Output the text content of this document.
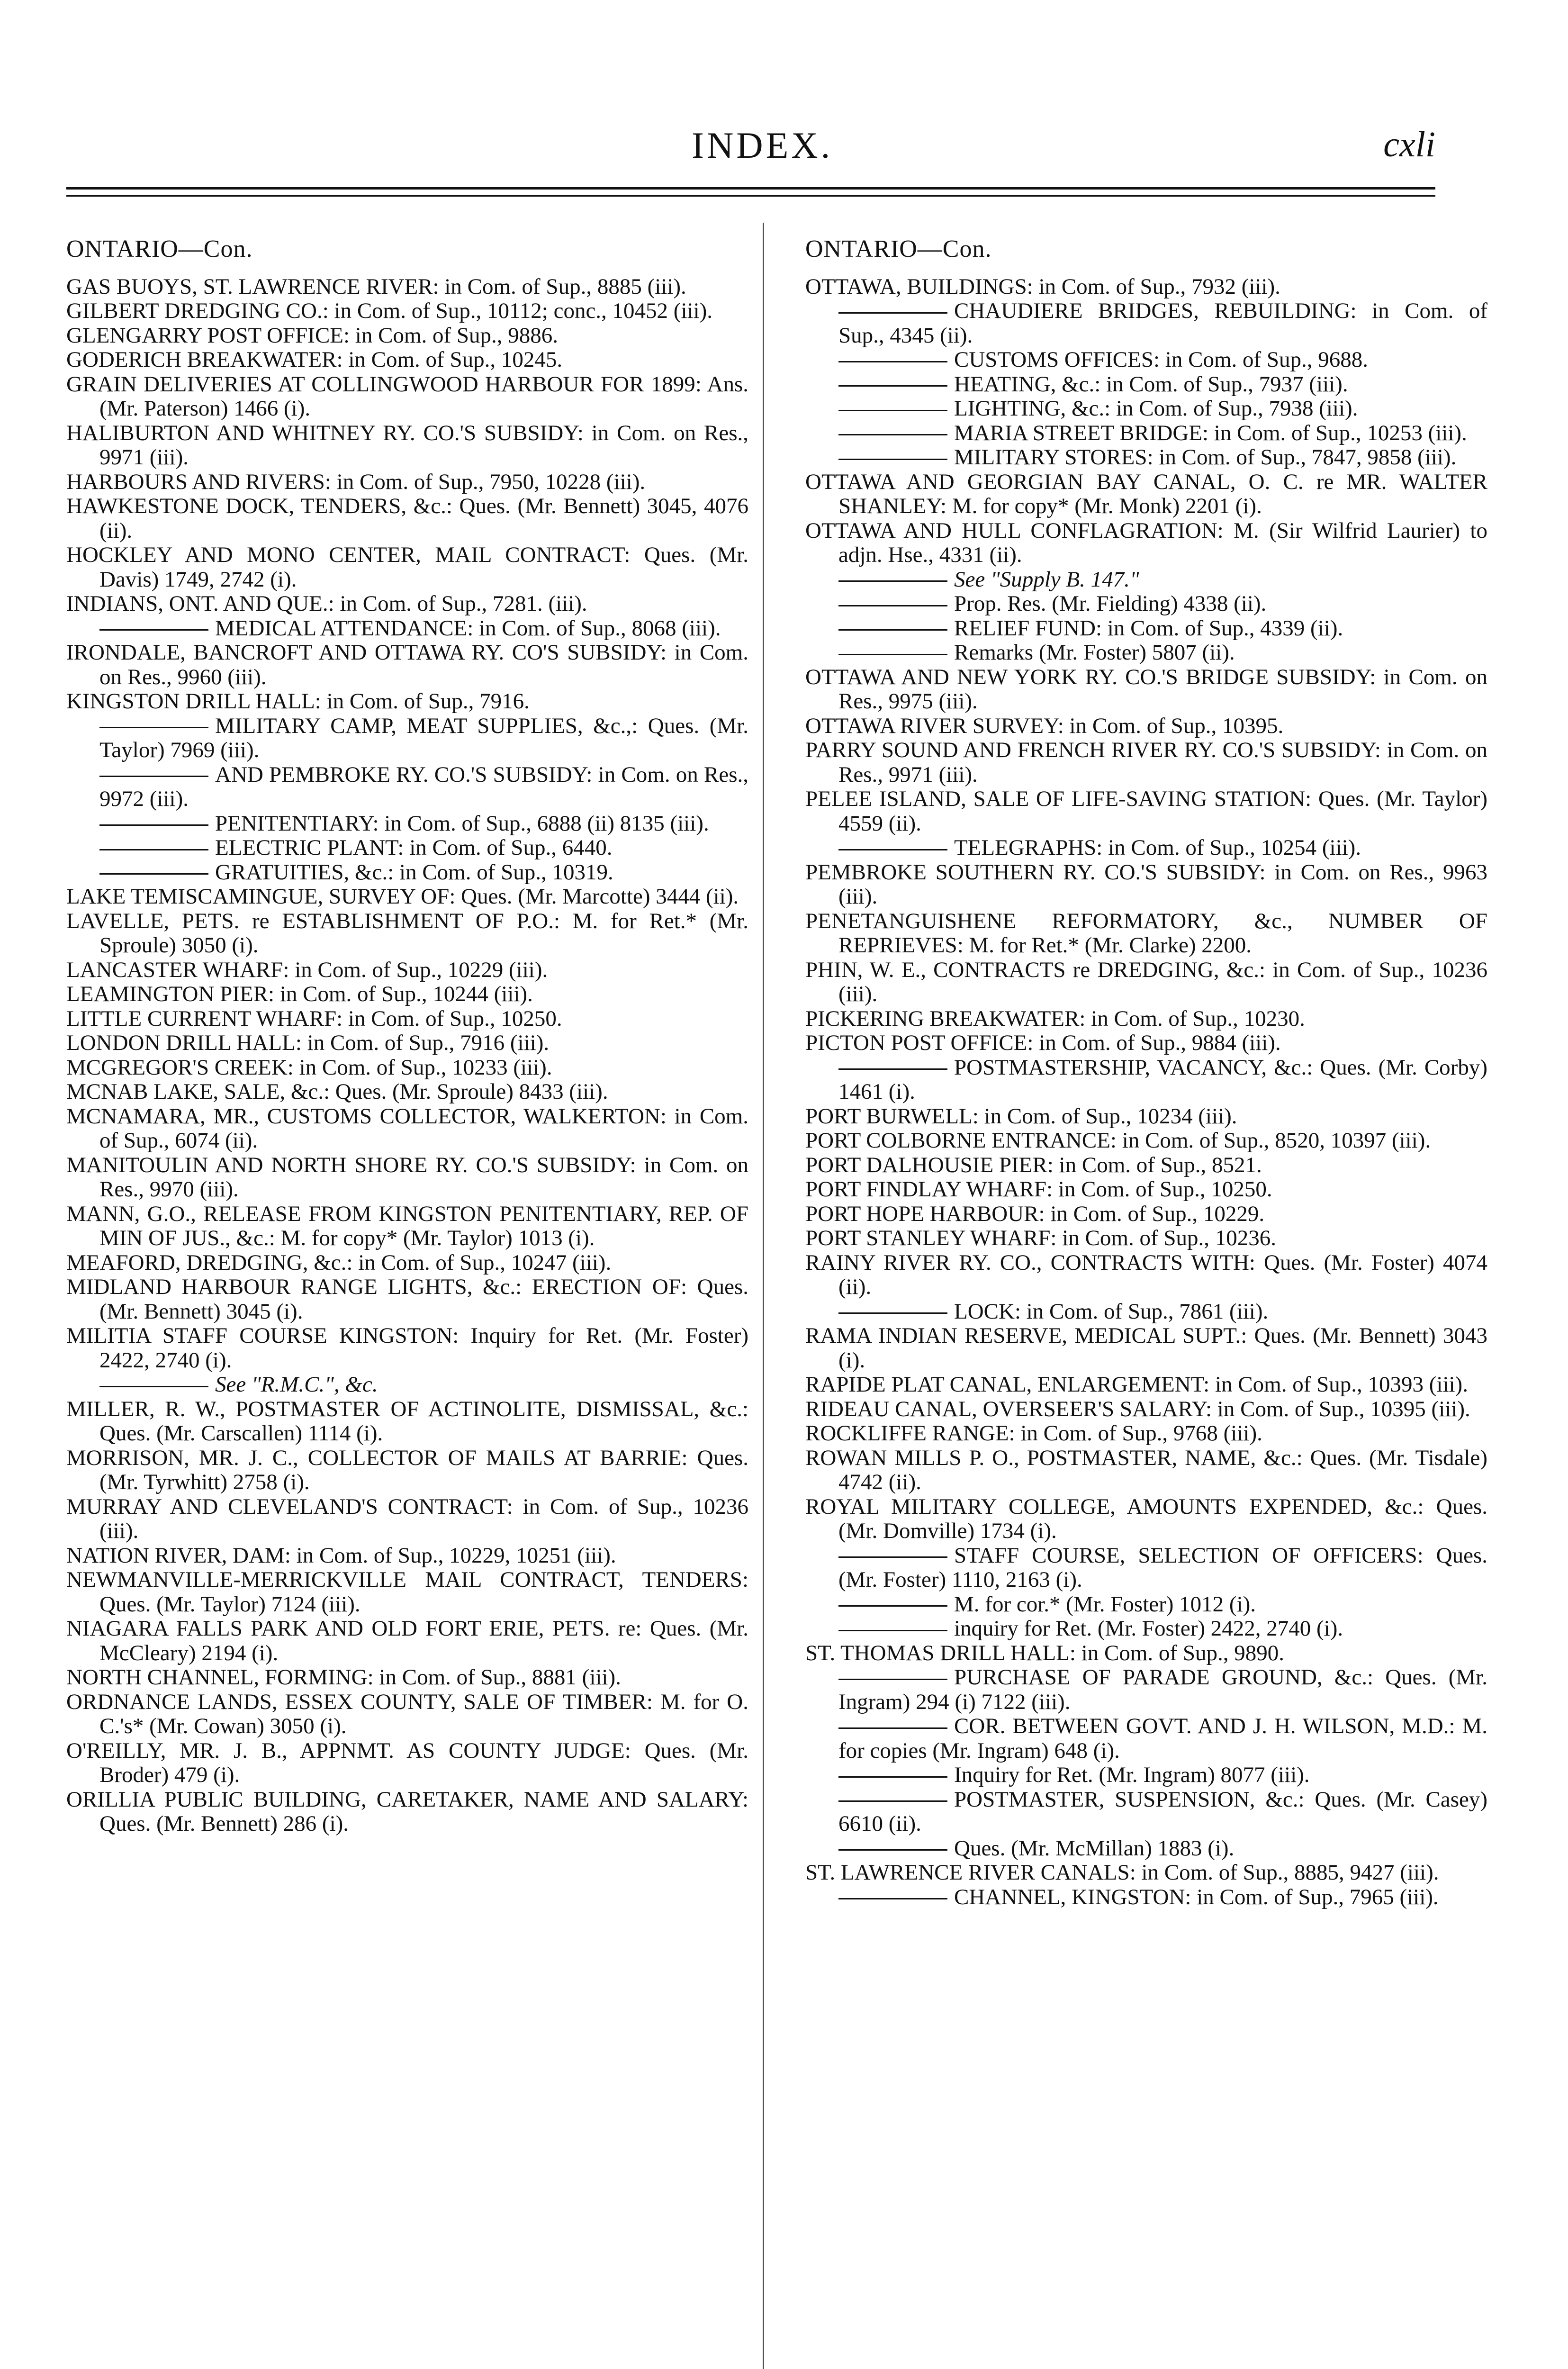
INDEX.	cxli
ONTARIO—Con.

GAS BUOYS, ST. LAWRENCE RIVER: in Com. of Sup., 8885 (iii).

GILBERT DREDGING CO.: in Com. of Sup., 10112; conc., 10452 (iii).

GLENGARRY POST OFFICE: in Com. of Sup., 9886.

GODERICH BREAKWATER: in Com. of Sup., 10245.

GRAIN DELIVERIES AT COLLINGWOOD HARBOUR FOR 1899: Ans. (Mr. Paterson) 1466 (i).

HALIBURTON AND WHITNEY RY. CO.'S SUBSIDY: in Com. on Res., 9971 (iii).

HARBOURS AND RIVERS: in Com. of Sup., 7950, 10228 (iii).

HAWKESTONE DOCK, TENDERS, &c.: Ques. (Mr. Bennett) 3045, 4076 (ii).

HOCKLEY AND MONO CENTER, MAIL CONTRACT: Ques. (Mr. Davis) 1749, 2742 (i).

INDIANS, ONT. AND QUE.: in Com. of Sup., 7281. (iii).

MEDICAL ATTENDANCE: in Com. of Sup., 8068 (iii).

IRONDALE, BANCROFT AND OTTAWA RY. CO'S SUBSIDY: in Com. on Res., 9960 (iii).

KINGSTON DRILL HALL: in Com. of Sup., 7916.

MILITARY CAMP, MEAT SUPPLIES, &c.,: Ques. (Mr. Taylor) 7969 (iii).

AND PEMBROKE RY. CO.'S SUBSIDY: in Com. on Res., 9972 (iii).

PENITENTIARY: in Com. of Sup., 6888 (ii) 8135 (iii).

ELECTRIC PLANT: in Com. of Sup., 6440.

GRATUITIES, &c.: in Com. of Sup., 10319.

LAKE TEMISCAMINGUE, SURVEY OF: Ques. (Mr. Marcotte) 3444 (ii).

LAVELLE, PETS. re ESTABLISHMENT OF P.O.: M. for Ret.* (Mr. Sproule) 3050 (i).

LANCASTER WHARF: in Com. of Sup., 10229 (iii).

LEAMINGTON PIER: in Com. of Sup., 10244 (iii).

LITTLE CURRENT WHARF: in Com. of Sup., 10250.

LONDON DRILL HALL: in Com. of Sup., 7916 (iii).

MCGREGOR'S CREEK: in Com. of Sup., 10233 (iii).

MCNAB LAKE, SALE, &c.: Ques. (Mr. Sproule) 8433 (iii).

MCNAMARA, MR., CUSTOMS COLLECTOR, WALKERTON: in Com. of Sup., 6074 (ii).

MANITOULIN AND NORTH SHORE RY. CO.'S SUBSIDY: in Com. on Res., 9970 (iii).

MANN, G.O., RELEASE FROM KINGSTON PENITENTIARY, REP. OF MIN OF JUS., &c.: M. for copy* (Mr. Taylor) 1013 (i).

MEAFORD, DREDGING, &c.: in Com. of Sup., 10247 (iii).

MIDLAND HARBOUR RANGE LIGHTS, &c.: ERECTION OF: Ques. (Mr. Bennett) 3045 (i).

MILITIA STAFF COURSE KINGSTON: Inquiry for Ret. (Mr. Foster) 2422, 2740 (i).

See "R.M.C.", &c.

MILLER, R. W., POSTMASTER OF ACTINOLITE, DISMISSAL, &c.: Ques. (Mr. Carscallen) 1114 (i).

MORRISON, MR. J. C., COLLECTOR OF MAILS AT BARRIE: Ques. (Mr. Tyrwhitt) 2758 (i).

MURRAY AND CLEVELAND'S CONTRACT: in Com. of Sup., 10236 (iii).

NATION RIVER, DAM: in Com. of Sup., 10229, 10251 (iii).

NEWMANVILLE-MERRICKVILLE MAIL CONTRACT, TENDERS: Ques. (Mr. Taylor) 7124 (iii).

NIAGARA FALLS PARK AND OLD FORT ERIE, PETS. re: Ques. (Mr. McCleary) 2194 (i).

NORTH CHANNEL, FORMING: in Com. of Sup., 8881 (iii).

ORDNANCE LANDS, ESSEX COUNTY, SALE OF TIMBER: M. for O. C.'s* (Mr. Cowan) 3050 (i).

O'REILLY, MR. J. B., APPNMT. AS COUNTY JUDGE: Ques. (Mr. Broder) 479 (i).

ORILLIA PUBLIC BUILDING, CARETAKER, NAME AND SALARY: Ques. (Mr. Bennett) 286 (i).

ONTARIO—Con.

OTTAWA, BUILDINGS: in Com. of Sup., 7932 (iii).

CHAUDIERE BRIDGES, REBUILDING: in Com. of Sup., 4345 (ii).

CUSTOMS OFFICES: in Com. of Sup., 9688.

HEATING, &c.: in Com. of Sup., 7937 (iii).

LIGHTING, &c.: in Com. of Sup., 7938 (iii).

MARIA STREET BRIDGE: in Com. of Sup., 10253 (iii).

MILITARY STORES: in Com. of Sup., 7847, 9858 (iii).

OTTAWA AND GEORGIAN BAY CANAL, O. C. re MR. WALTER SHANLEY: M. for copy* (Mr. Monk) 2201 (i).

OTTAWA AND HULL CONFLAGRATION: M. (Sir Wilfrid Laurier) to adjn. Hse., 4331 (ii).

See "Supply B. 147."

Prop. Res. (Mr. Fielding) 4338 (ii).

RELIEF FUND: in Com. of Sup., 4339 (ii).

Remarks (Mr. Foster) 5807 (ii).

OTTAWA AND NEW YORK RY. CO.'S BRIDGE SUBSIDY: in Com. on Res., 9975 (iii).

OTTAWA RIVER SURVEY: in Com. of Sup., 10395.

PARRY SOUND AND FRENCH RIVER RY. CO.'S SUBSIDY: in Com. on Res., 9971 (iii).

PELEE ISLAND, SALE OF LIFE-SAVING STATION: Ques. (Mr. Taylor) 4559 (ii).

TELEGRAPHS: in Com. of Sup., 10254 (iii).

PEMBROKE SOUTHERN RY. CO.'S SUBSIDY: in Com. on Res., 9963 (iii).

PENETANGUISHENE REFORMATORY, &c., NUMBER OF REPRIEVES: M. for Ret.* (Mr. Clarke) 2200.

PHIN, W. E., CONTRACTS re DREDGING, &c.: in Com. of Sup., 10236 (iii).

PICKERING BREAKWATER: in Com. of Sup., 10230.

PICTON POST OFFICE: in Com. of Sup., 9884 (iii).

POSTMASTERSHIP, VACANCY, &c.: Ques. (Mr. Corby) 1461 (i).

PORT BURWELL: in Com. of Sup., 10234 (iii).

PORT COLBORNE ENTRANCE: in Com. of Sup., 8520, 10397 (iii).

PORT DALHOUSIE PIER: in Com. of Sup., 8521.

PORT FINDLAY WHARF: in Com. of Sup., 10250.

PORT HOPE HARBOUR: in Com. of Sup., 10229.

PORT STANLEY WHARF: in Com. of Sup., 10236.

RAINY RIVER RY. CO., CONTRACTS WITH: Ques. (Mr. Foster) 4074 (ii).

LOCK: in Com. of Sup., 7861 (iii).

RAMA INDIAN RESERVE, MEDICAL SUPT.: Ques. (Mr. Bennett) 3043 (i).

RAPIDE PLAT CANAL, ENLARGEMENT: in Com. of Sup., 10393 (iii).

RIDEAU CANAL, OVERSEER'S SALARY: in Com. of Sup., 10395 (iii).

ROCKLIFFE RANGE: in Com. of Sup., 9768 (iii).

ROWAN MILLS P. O., POSTMASTER, NAME, &c.: Ques. (Mr. Tisdale) 4742 (ii).

ROYAL MILITARY COLLEGE, AMOUNTS EXPENDED, &c.: Ques. (Mr. Domville) 1734 (i).

STAFF COURSE, SELECTION OF OFFICERS: Ques. (Mr. Foster) 1110, 2163 (i).

M. for cor.* (Mr. Foster) 1012 (i).

inquiry for Ret. (Mr. Foster) 2422, 2740 (i).

ST. THOMAS DRILL HALL: in Com. of Sup., 9890.

PURCHASE OF PARADE GROUND, &c.: Ques. (Mr. Ingram) 294 (i) 7122 (iii).

COR. BETWEEN GOVT. AND J. H. WILSON, M.D.: M. for copies (Mr. Ingram) 648 (i).

Inquiry for Ret. (Mr. Ingram) 8077 (iii).

POSTMASTER, SUSPENSION, &c.: Ques. (Mr. Casey) 6610 (ii).

Ques. (Mr. McMillan) 1883 (i).

ST. LAWRENCE RIVER CANALS: in Com. of Sup., 8885, 9427 (iii).

CHANNEL, KINGSTON: in Com. of Sup., 7965 (iii).
